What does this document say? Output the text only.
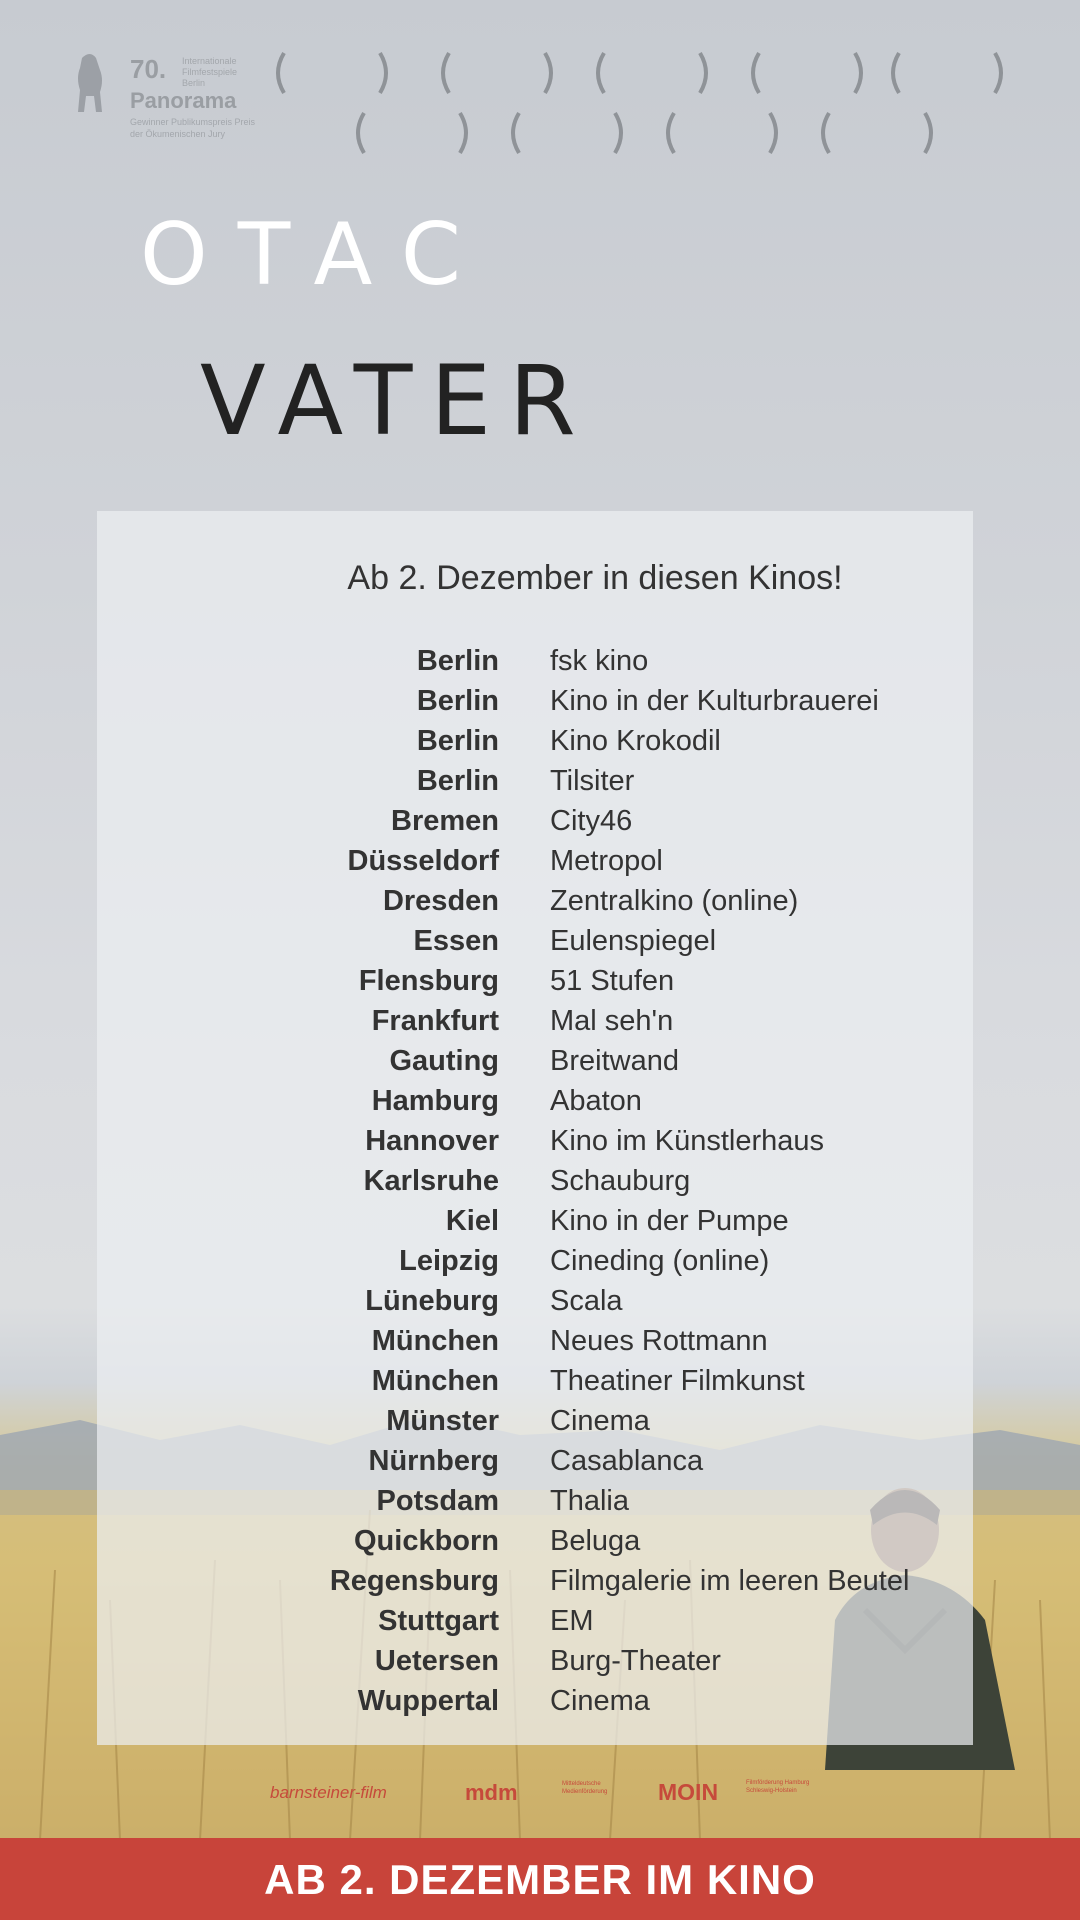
70. Internationale Filmfestspiele Berlin
Panorama
Gewinner Publikumspreis Preis der Ökumenischen Jury
OTAC
VATER
Ab 2. Dezember in diesen Kinos!
Berlin fsk kino
Berlin Kino in der Kulturbrauerei
Berlin Kino Krokodil
Berlin Tilsiter
Bremen City46
Düsseldorf Metropol
Dresden Zentralkino (online)
Essen Eulenspiegel
Flensburg 51 Stufen
Frankfurt Mal seh'n
Gauting Breitwand
Hamburg Abaton
Hannover Kino im Künstlerhaus
Karlsruhe Schauburg
Kiel Kino in der Pumpe
Leipzig Cineding (online)
Lüneburg Scala
München Neues Rottmann
München Theatiner Filmkunst
Münster Cinema
Nürnberg Casablanca
Potsdam Thalia
Quickborn Beluga
Regensburg Filmgalerie im leeren Beutel
Stuttgart EM
Uetersen Burg-Theater
Wuppertal Cinema
barnsteiner-film	mdm	Mitteldeutsche Medienförderung	MOIN	Filmförderung Hamburg Schleswig-Holstein
AB 2. DEZEMBER IM KINO
